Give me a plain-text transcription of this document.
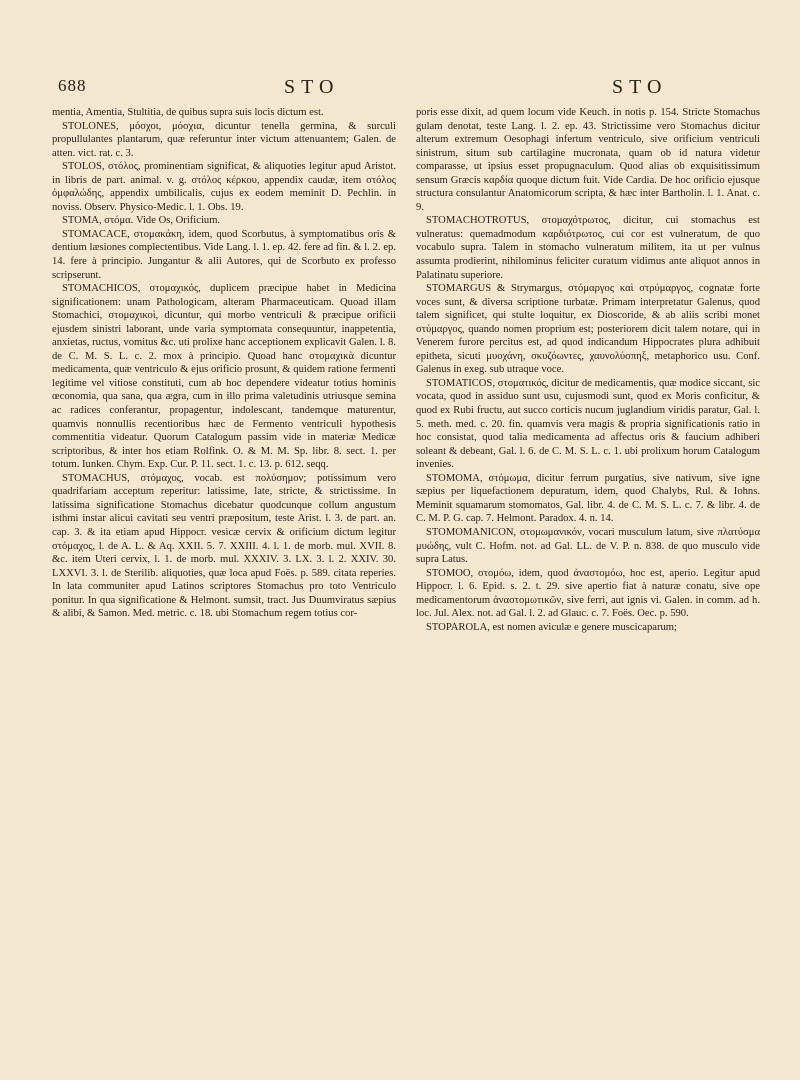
688	STO	STO

mentia, Amentia, Stultitia, de quibus supra suis locis dictum est.

STOLONES, μόσχοι, μόσχια, dicuntur tenella germina, & surculi propullulantes plantarum, quæ referuntur inter victum attenuantem; Galen. de atten. vict. rat. c. 3.

STOLOS, στόλος, prominentiam significat, & aliquoties legitur apud Aristot. in libris de part. animal. v. g. στόλος κέρκου, appendix caudæ, item στόλος ὀμφαλώδης, appendix umbilicalis, cujus ex eodem meminit D. Pechlin. in noviss. Observ. Physico-Medic. l. 1. Obs. 19.

STOMA, στόμα. Vide Os, Orificium.

STOMACACE, στομακάκη, idem, quod Scorbutus, à symptomatibus oris & dentium læsiones complectentibus. Vide Lang. l. 1. ep. 42. fere ad fin. & l. 2. ep. 14. fere à principio. Jungantur & alii Autores, qui de Scorbuto ex professo scripserunt.

STOMACHICOS, στομαχικός, duplicem præcipue habet in Medicina significationem: unam Pathologicam, alteram Pharmaceuticam. Quoad illam Stomachici, στομαχικοὶ, dicuntur, qui morbo ventriculi & præcipue orificii ejusdem sinistri laborant, unde varia symptomata consequuntur, inappetentia, anxietas, ructus, vomitus &c. uti prolixe hanc acceptionem explicavit Galen. l. 8. de C. M. S. L. c. 2. mox à principio. Quoad hanc στομαχικὰ dicuntur medicamenta, quæ ventriculo & ejus orificio prosunt, & quidem ratione fermenti legitime vel vitiose constituti, cum ab hoc dependere videatur totius hominis œconomia, qua sana, qua ægra, cum in illo prima valetudinis utriusque semina ac radices conferantur, propagentur, indolescant, tandemque maturentur, quamvis nonnullis recentioribus hæc de Fermento ventriculi hypothesis commentitia videatur. Quorum Catalogum passim vide in materiæ Medicæ scriptoribus, & inter hos etiam Rolfink. O. & M. M. Sp. libr. 8. sect. 1. per totum. Iunken. Chym. Exp. Cur. P. 11. sect. 1. c. 13. p. 612. seqq.

STOMACHUS, στόμαχος, vocab. est πολύσημον; potissimum vero quadrifariam acceptum reperitur: latissime, late, stricte, & strictissime. In latissima significatione Stomachus dicebatur quodcunque collum angustum isthmi instar alicui cavitati seu ventri præpositum, teste Arist. l. 3. de part. an. cap. 3. & ita etiam apud Hippocr. vesicæ cervix & orificium dictum legitur στόμαχος, l. de A. L. & Aq. XXII. 5. 7. XXIII. 4. l. 1. de morb. mul. XVII. 8. &c. item Uteri cervix, l. 1. de morb. mul. XXXIV. 3. LX. 3. l. 2. XXIV. 30. LXXVI. 3. l. de Sterilib. aliquoties, quæ loca apud Foës. p. 589. citata reperies. In lata communiter apud Latinos scriptores Stomachus pro toto Ventriculo ponitur. In qua significatione & Helmont. sumsit, tract. Jus Duumviratus sæpius & alibi, & Samon. Med. metric. c. 18. ubi Stomachum regem totius cor-

poris esse dixit, ad quem locum vide Keuch. in notis p. 154. Stricte Stomachus gulam denotat, teste Lang. l. 2. ep. 43. Strictissime vero Stomachus dicitur alterum extremum Oesophagi infertum ventriculo, sive orificium ventriculi sinistrum, situm sub cartilagine mucronata, quam ob id natura videtur comparasse, ut ipsius esset propugnaculum. Quod alias ob exquisitissimum sensum Græcis καρδία quoque dictum fuit. Vide Cardia. De hoc orificio ejusque structura consulantur Anatomicorum scripta, & hæc inter Bartholin. l. 1. Anat. c. 9.

STOMACHOTROTUS, στομαχότρωτος, dicitur, cui stomachus est vulneratus: quemadmodum καρδιότρωτος, cui cor est vulneratum, de quo vocabulo supra. Talem in stomacho vulneratum militem, ita ut per vulnus assumta prodierint, nihilominus feliciter curatum vidimus ante aliquot annos in Palatinatu superiore.

STOMARGUS & Strymargus, στόμαργος καὶ στρύμαργος, cognatæ forte voces sunt, & diversa scriptione turbatæ. Primam interpretatur Galenus, quod talem significet, qui stulte loquitur, ex Dioscoride, & ab aliis scribi monet στύμαργος, quando nomen proprium est; posteriorem dicit talem notare, qui in Venerem furore percitus est, ad quod indicandum Hippocrates plura adhibuit epitheta, sicuti μυοχάνη, σκυζόωντες, χαυνολύσπηξ, metaphorico usu. Conf. Galenus in exeg. sub utraque voce.

STOMATICOS, στοματικός, dicitur de medicamentis, quæ modice siccant, sic vocata, quod in assiduo sunt usu, cujusmodi sunt, quod ex Moris conficitur, & quod ex Rubi fructu, aut succo corticis nucum juglandium viridis paratur, Gal. l. 5. meth. med. c. 20. fin. quamvis vera magis & propria significationis ratio in hoc consistat, quod talia medicamenta ad affectus oris & faucium adhiberi soleant & debeant, Gal. l. 6. de C. M. S. L. c. 1. ubi prolixum horum Catalogum invenies.

STOMOMA, στόμωμα, dicitur ferrum purgatius, sive nativum, sive igne sæpius per liquefactionem depuratum, idem, quod Chalybs, Rul. & Iohns. Meminit squamarum stomomatos, Gal. libr. 4. de C. M. S. L. c. 7. & libr. 4. de C. M. P. G. cap. 7. Helmont. Paradox. 4. n. 14.

STOMOMANICON, στομωμανικόν, vocari musculum latum, sive πλατύσμα μυώδης, vult C. Hofm. not. ad Gal. LL. de V. P. n. 838. de quo musculo vide supra Latus.

STOMOO, στομόω, idem, quod ἀναστομόω, hoc est, aperio. Legitur apud Hippocr. l. 6. Epid. s. 2. t. 29. sive apertio fiat à naturæ conatu, sive ope medicamentorum ἀναστομωτικῶν, sive ferri, aut ignis vi. Galen. in comm. ad h. loc. Jul. Alex. not. ad Gal. l. 2. ad Glauc. c. 7. Foës. Oec. p. 590.

STOPAROLA, est nomen aviculæ e genere muscicaparum;
